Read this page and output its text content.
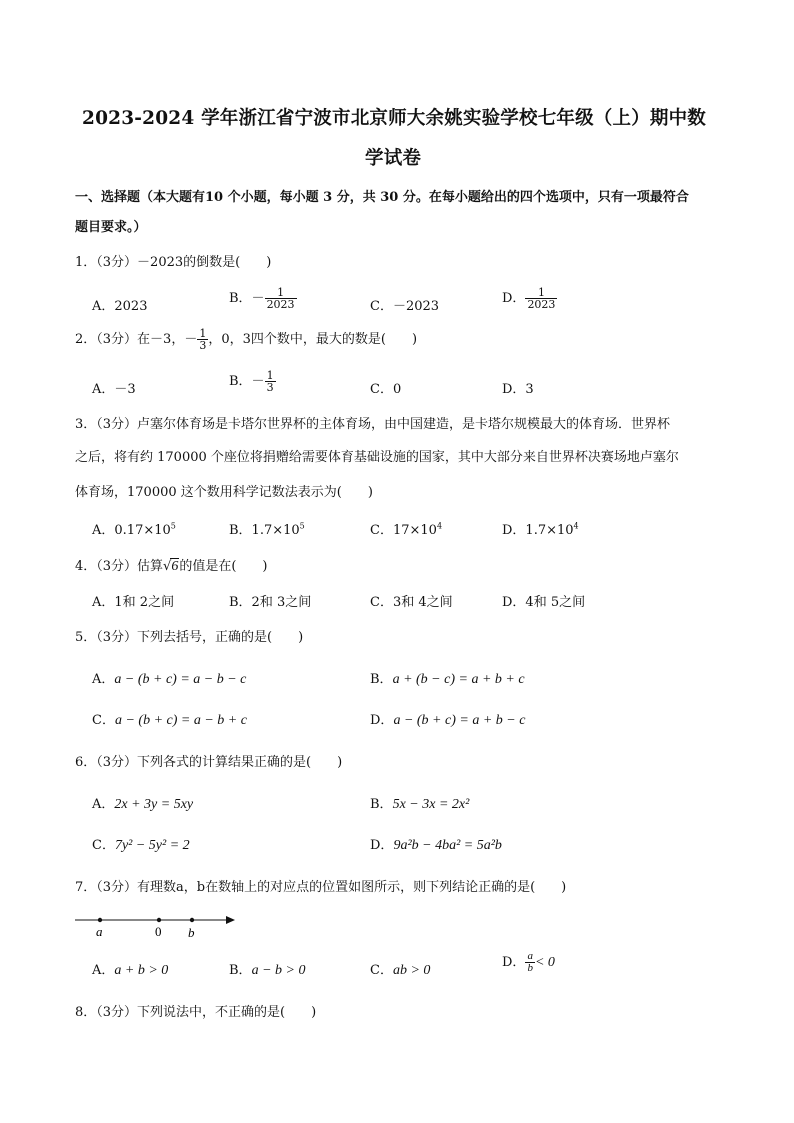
2023-2024 学年浙江省宁波市北京师大余姚实验学校七年级（上）期中数
学试卷
一、选择题（本大题有10 个小题，每小题 3 分，共 30 分。在每小题给出的四个选项中，只有一项最符合
题目要求。）
1．（3分）－2023的倒数是(　　)
A．2023
B．－ $\frac{1}{2023}$	C．－2023
D． $\frac{1}{2023}$
2．（3分）在－3，－ $\frac{1}{3}$ ，0，3四个数中，最大的数是(　　)
A．－3
B．－ $\frac{1}{3}$	C．0	D．3
3．（3分）卢塞尔体育场是卡塔尔世界杯的主体育场，由中国建造，是卡塔尔规模最大的体育场．世界杯
之后，将有约 170000 个座位将捐赠给需要体育基础设施的国家，其中大部分来自世界杯决赛场地卢塞尔
体育场，170000 这个数用科学记数法表示为(　　)
A．$0.17\times 10^5$	B．$1.7\times 10^5$	C．$17\times 10^4$	D．$1.7\times 10^4$
4．（3分）估算√6的值是在(　　)
A．1和 2之间	B．2和 3之间	C．3和 4之间	D．4和 5之间
5．（3分）下列去括号，正确的是(　　)
A．a − (b + c) = a − b − c	B．a + (b − c) = a + b + c
C．a − (b + c) = a − b + c	D．a − (b + c) = a + b − c
6．（3分）下列各式的计算结果正确的是(　　)
A．2x + 3y = 5xy	B．5x − 3x = 2x²
C．7y² − 5y² = 2	D．9a²b − 4ba² = 5a²b
7．（3分）有理数a，b在数轴上的对应点的位置如图所示，则下列结论正确的是(　　)
a	0 b
A．a + b > 0	B．a − b > 0	C．ab > 0
D． $\frac{a}{b} < 0$
8．（3分）下列说法中，不正确的是(　　)
